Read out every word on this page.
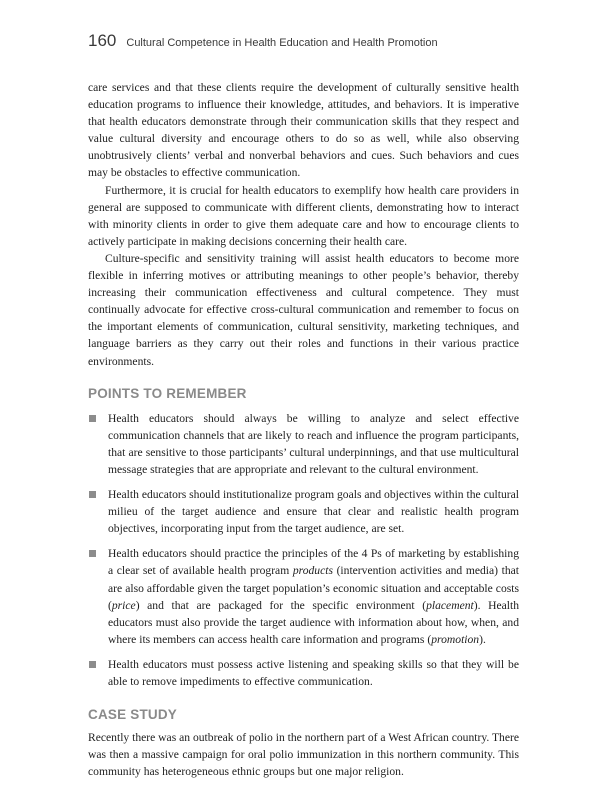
160 Cultural Competence in Health Education and Health Promotion

care services and that these clients require the development of culturally sensitive health education programs to influence their knowledge, attitudes, and behaviors. It is imperative that health educators demonstrate through their communication skills that they respect and value cultural diversity and encourage others to do so as well, while also observing unobtrusively clients’ verbal and nonverbal behaviors and cues. Such behaviors and cues may be obstacles to effective communication.

Furthermore, it is crucial for health educators to exemplify how health care providers in general are supposed to communicate with different clients, demonstrating how to interact with minority clients in order to give them adequate care and how to encourage clients to actively participate in making decisions concerning their health care.

Culture-specific and sensitivity training will assist health educators to become more flexible in inferring motives or attributing meanings to other people’s behavior, thereby increasing their communication effectiveness and cultural competence. They must continually advocate for effective cross-cultural communication and remember to focus on the important elements of communication, cultural sensitivity, marketing techniques, and language barriers as they carry out their roles and functions in their various practice environments.

POINTS TO REMEMBER
Health educators should always be willing to analyze and select effective communication channels that are likely to reach and influence the program participants, that are sensitive to those participants’ cultural underpinnings, and that use multicultural message strategies that are appropriate and relevant to the cultural environment.
Health educators should institutionalize program goals and objectives within the cultural milieu of the target audience and ensure that clear and realistic health program objectives, incorporating input from the target audience, are set.
Health educators should practice the principles of the 4 Ps of marketing by establishing a clear set of available health program products (intervention activities and media) that are also affordable given the target population’s economic situation and acceptable costs (price) and that are packaged for the specific environment (placement). Health educators must also provide the target audience with information about how, when, and where its members can access health care information and programs (promotion).
Health educators must possess active listening and speaking skills so that they will be able to remove impediments to effective communication.
CASE STUDY

Recently there was an outbreak of polio in the northern part of a West African country. There was then a massive campaign for oral polio immunization in this northern community. This community has heterogeneous ethnic groups but one major religion.
